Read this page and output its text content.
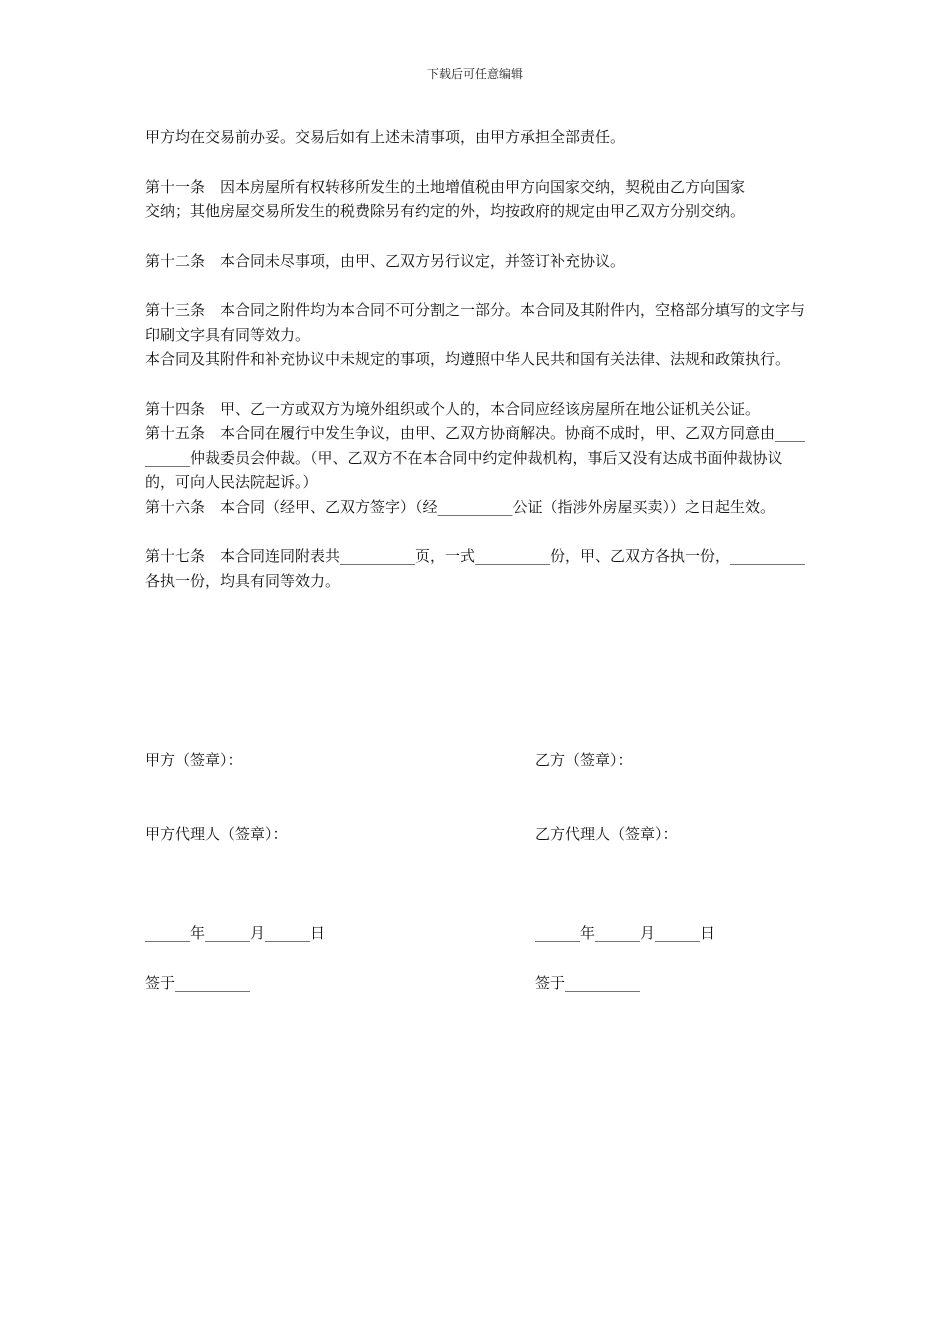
下载后可任意编辑

甲方均在交易前办妥。交易后如有上述未清事项，由甲方承担全部责任。

第十一条　因本房屋所有权转移所发生的土地增值税由甲方向国家交纳，契税由乙方向国家

交纳；其他房屋交易所发生的税费除另有约定的外，均按政府的规定由甲乙双方分别交纳。

第十二条　本合同未尽事项，由甲、乙双方另行议定，并签订补充协议。

第十三条　本合同之附件均为本合同不可分割之一部分。本合同及其附件内，空格部分填写的文字与印刷文字具有同等效力。

本合同及其附件和补充协议中未规定的事项，均遵照中华人民共和国有关法律、法规和政策执行。

第十四条　甲、乙一方或双方为境外组织或个人的，本合同应经该房屋所在地公证机关公证。

第十五条　本合同在履行中发生争议，由甲、乙双方协商解决。协商不成时，甲、乙双方同意由__________仲裁委员会仲裁。（甲、乙双方不在本合同中约定仲裁机构，事后又没有达成书面仲裁协议的，可向人民法院起诉。）

第十六条　本合同（经甲、乙双方签字）（经__________公证（指涉外房屋买卖））之日起生效。

第十七条　本合同连同附表共__________页，一式__________份，甲、乙双方各执一份，__________各执一份，均具有同等效力。

甲方（签章）：	乙方（签章）：
甲方代理人（签章）：	乙方代理人（签章）：
______年______月______日	______年______月______日
签于__________	签于__________
